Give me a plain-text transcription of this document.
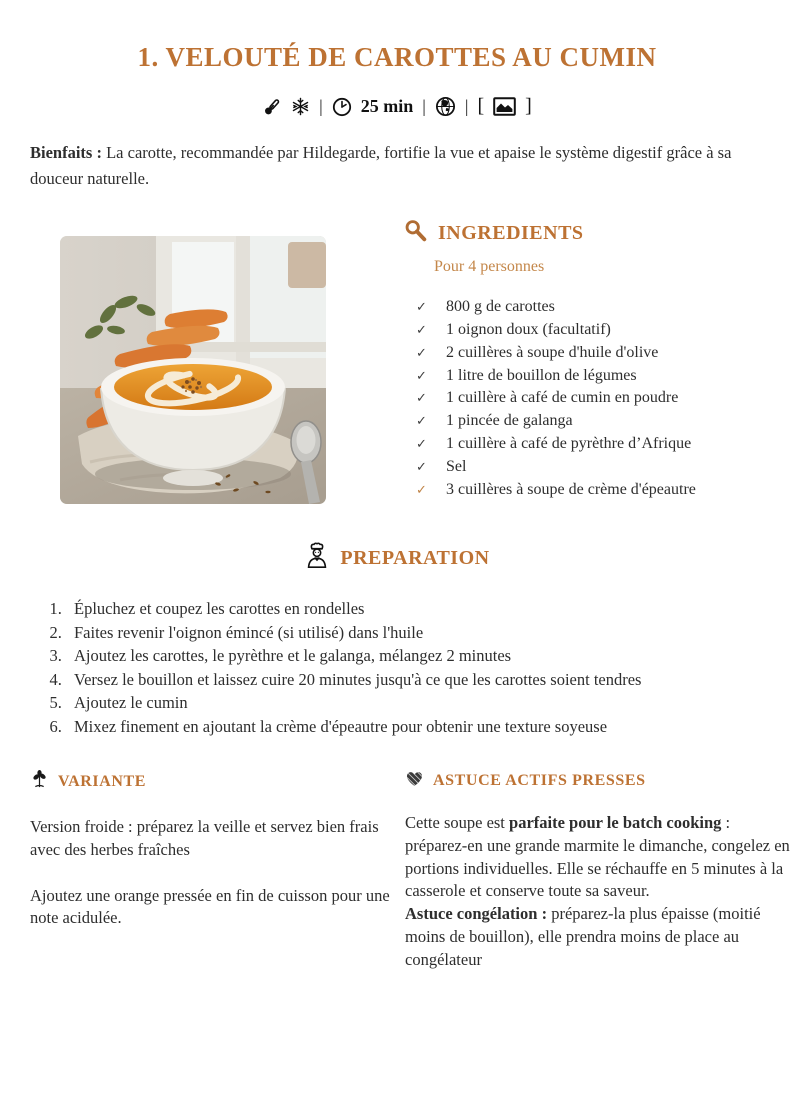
1. VELOUTÉ DE CAROTTES AU CUMIN
| 25 min | | [ ]

Bienfaits : La carotte, recommandée par Hildegarde, fortifie la vue et apaise le système digestif grâce à sa douceur naturelle.

INGREDIENTS
Pour 4 personnes
✓ 800 g de carottes
✓ 1 oignon doux (facultatif)
✓ 2 cuillères à soupe d'huile d'olive
✓ 1 litre de bouillon de légumes
✓ 1 cuillère à café de cumin en poudre
✓ 1 pincée de galanga
✓ 1 cuillère à café de pyrèthre d’Afrique
✓ Sel
✓ 3 cuillères à soupe de crème d'épeautre
PREPARATION
1. Épluchez et coupez les carottes en rondelles
2. Faites revenir l'oignon émincé (si utilisé) dans l'huile
3. Ajoutez les carottes, le pyrèthre et le galanga, mélangez 2 minutes
4. Versez le bouillon et laissez cuire 20 minutes jusqu'à ce que les carottes soient tendres
5. Ajoutez le cumin
6. Mixez finement en ajoutant la crème d'épeautre pour obtenir une texture soyeuse
VARIANTE

Version froide : préparez la veille et servez bien frais avec des herbes fraîches

Ajoutez une orange pressée en fin de cuisson pour une note acidulée.

ASTUCE ACTIFS PRESSES

Cette soupe est parfaite pour le batch cooking : préparez-en une grande marmite le dimanche, congelez en portions individuelles. Elle se réchauffe en 5 minutes à la casserole et conserve toute sa saveur.

Astuce congélation : préparez-la plus épaisse (moitié moins de bouillon), elle prendra moins de place au congélateur
